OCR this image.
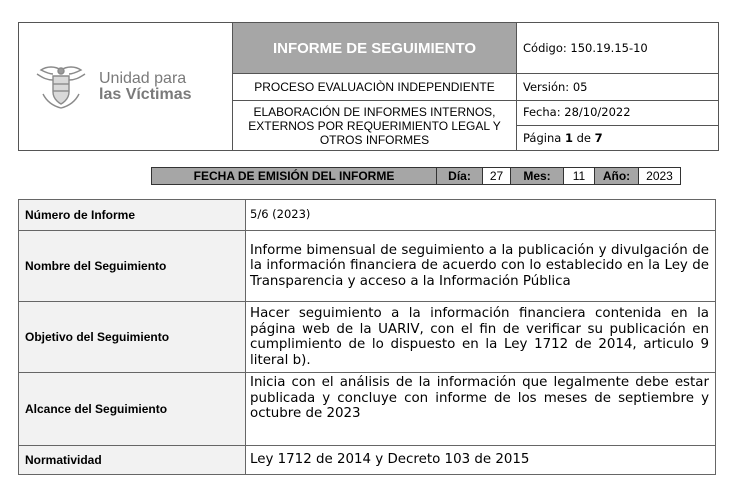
Unidad para
las Víctimas	INFORME DE SEGUIMIENTO	Código: 150.19.15-10
	PROCESO EVALUACIÒN INDEPENDIENTE	Versión: 05
	ELABORACIÓN DE INFORMES INTERNOS, EXTERNOS POR REQUERIMIENTO LEGAL Y OTROS INFORMES	Fecha: 28/10/2022
Página 1 de 7
FECHA DE EMISIÓN DEL INFORME	Día:	27	Mes:	11	Año:	2023
Número de Informe	5/6 (2023)
Nombre del Seguimiento	Informe bimensual de seguimiento a la publicación y divulgación de la información financiera de acuerdo con lo establecido en la Ley de Transparencia y acceso a la Información Pública
Objetivo del Seguimiento	Hacer seguimiento a la información financiera contenida en la página web de la UARIV, con el fin de verificar su publicación en cumplimiento de lo dispuesto en la Ley 1712 de 2014, articulo 9 literal b).
Alcance del Seguimiento	Inicia con el análisis de la información que legalmente debe estar publicada y concluye con informe de los meses de septiembre y octubre de 2023
Normatividad	Ley 1712 de 2014 y Decreto 103 de 2015
